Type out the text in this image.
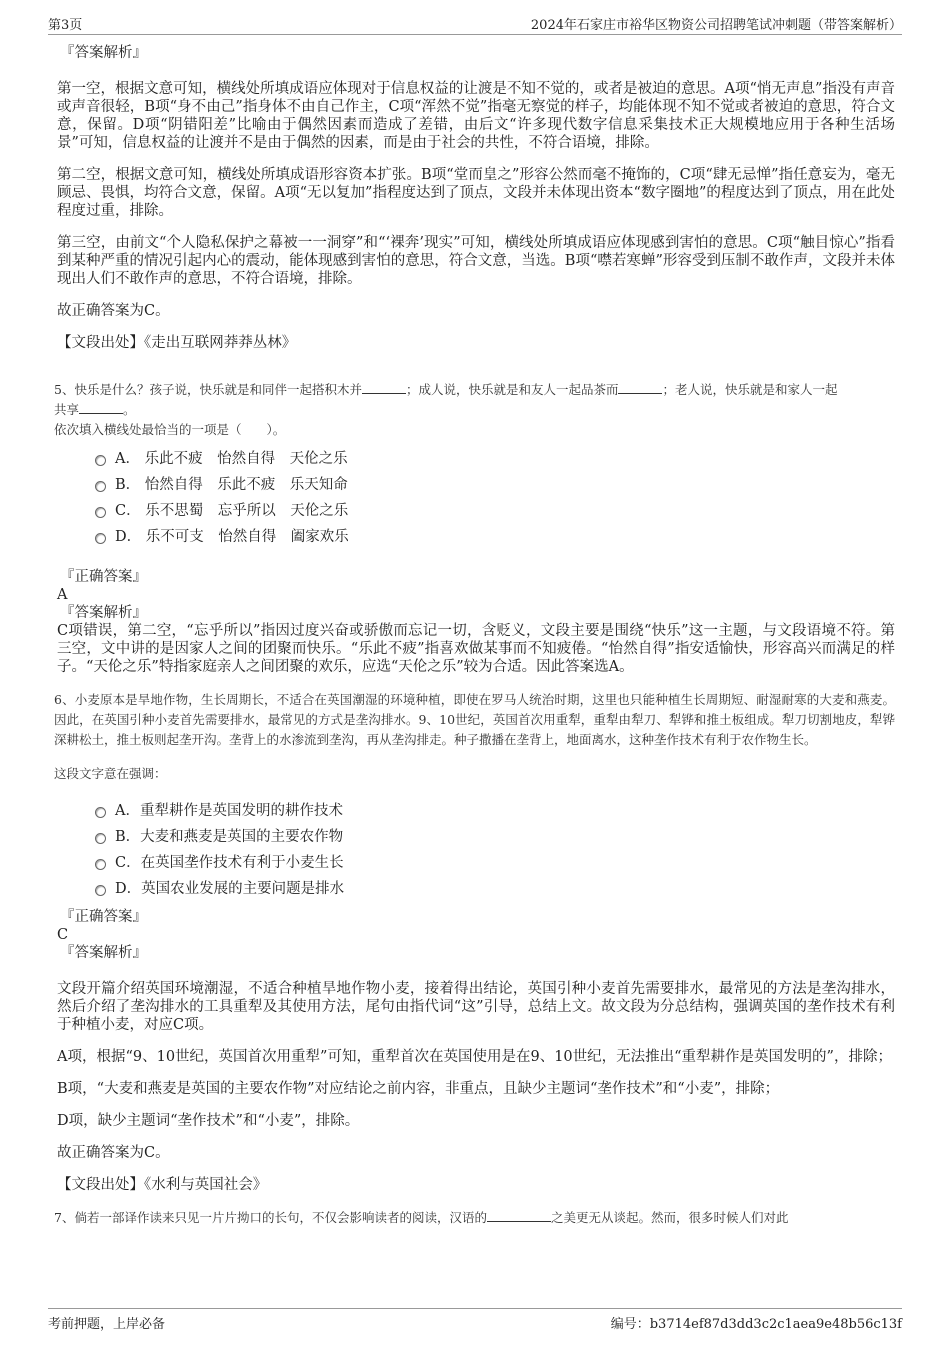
第3页	2024年石家庄市裕华区物资公司招聘笔试冲刺题（带答案解析）

『答案解析』

第一空，根据文意可知，横线处所填成语应体现对于信息权益的让渡是不知不觉的，或者是被迫的意思。A项“悄无声息”指没有声音或声音很轻，B项“身不由己”指身体不由自己作主，C项“浑然不觉”指毫无察觉的样子，均能体现不知不觉或者被迫的意思，符合文意，保留。D项“阴错阳差”比喻由于偶然因素而造成了差错，由后文“许多现代数字信息采集技术正大规模地应用于各种生活场景”可知，信息权益的让渡并不是由于偶然的因素，而是由于社会的共性，不符合语境，排除。

第二空，根据文意可知，横线处所填成语形容资本扩张。B项“堂而皇之”形容公然而毫不掩饰的，C项“肆无忌惮”指任意妄为，毫无顾忌、畏惧，均符合文意，保留。A项“无以复加”指程度达到了顶点，文段并未体现出资本“数字圈地”的程度达到了顶点，用在此处程度过重，排除。

第三空，由前文“个人隐私保护之幕被一一洞穿”和“‘裸奔’现实”可知，横线处所填成语应体现感到害怕的意思。C项“触目惊心”指看到某种严重的情况引起内心的震动，能体现感到害怕的意思，符合文意，当选。B项“噤若寒蝉”形容受到压制不敢作声，文段并未体现出人们不敢作声的意思，不符合语境，排除。

故正确答案为C。

【文段出处】《走出互联网莽莽丛林》

5、快乐是什么？孩子说，快乐就是和同伴一起搭积木并	；成人说，快乐就是和友人一起品茶而	；老人说，快乐就是和家人一起
共享	。

依次填入横线处最恰当的一项是（　　）。

A． 乐此不疲　怡然自得　天伦之乐
B． 怡然自得　乐此不疲　乐天知命
C． 乐不思蜀　忘乎所以　天伦之乐
D． 乐不可支　怡然自得　阖家欢乐

『正确答案』

A

『答案解析』

C项错误，第二空，“忘乎所以”指因过度兴奋或骄傲而忘记一切，含贬义，文段主要是围绕“快乐”这一主题，与文段语境不符。第三空，文中讲的是因家人之间的团聚而快乐。“乐此不疲”指喜欢做某事而不知疲倦。“怡然自得”指安适愉快，形容高兴而满足的样子。“天伦之乐”特指家庭亲人之间团聚的欢乐，应选“天伦之乐”较为合适。因此答案选A。

6、小麦原本是旱地作物，生长周期长，不适合在英国潮湿的环境种植，即使在罗马人统治时期，这里也只能种植生长周期短、耐湿耐寒的大麦和燕麦。因此，在英国引种小麦首先需要排水，最常见的方式是垄沟排水。9、10世纪，英国首次用重犁，重犁由犁刀、犁铧和推土板组成。犁刀切割地皮，犁铧深耕松土，推土板则起垄开沟。垄背上的水渗流到垄沟，再从垄沟排走。种子撒播在垄背上，地面离水，这种垄作技术有利于农作物生长。

这段文字意在强调：

A．重犁耕作是英国发明的耕作技术
B．大麦和燕麦是英国的主要农作物
C．在英国垄作技术有利于小麦生长
D．英国农业发展的主要问题是排水

『正确答案』

C

『答案解析』

文段开篇介绍英国环境潮湿，不适合种植旱地作物小麦，接着得出结论，英国引种小麦首先需要排水，最常见的方法是垄沟排水，然后介绍了垄沟排水的工具重犁及其使用方法，尾句由指代词“这”引导，总结上文。故文段为分总结构，强调英国的垄作技术有利于种植小麦，对应C项。

A项，根据“9、10世纪，英国首次用重犁”可知，重犁首次在英国使用是在9、10世纪，无法推出“重犁耕作是英国发明的”，排除；

B项，“大麦和燕麦是英国的主要农作物”对应结论之前内容，非重点，且缺少主题词“垄作技术”和“小麦”，排除；

D项，缺少主题词“垄作技术”和“小麦”，排除。

故正确答案为C。

【文段出处】《水利与英国社会》

7、倘若一部译作读来只见一片片拗口的长句，不仅会影响读者的阅读，汉语的	之美更无从谈起。然而，很多时候人们对此

考前押题，上岸必备	编号：b3714ef87d3dd3c2c1aea9e48b56c13f
